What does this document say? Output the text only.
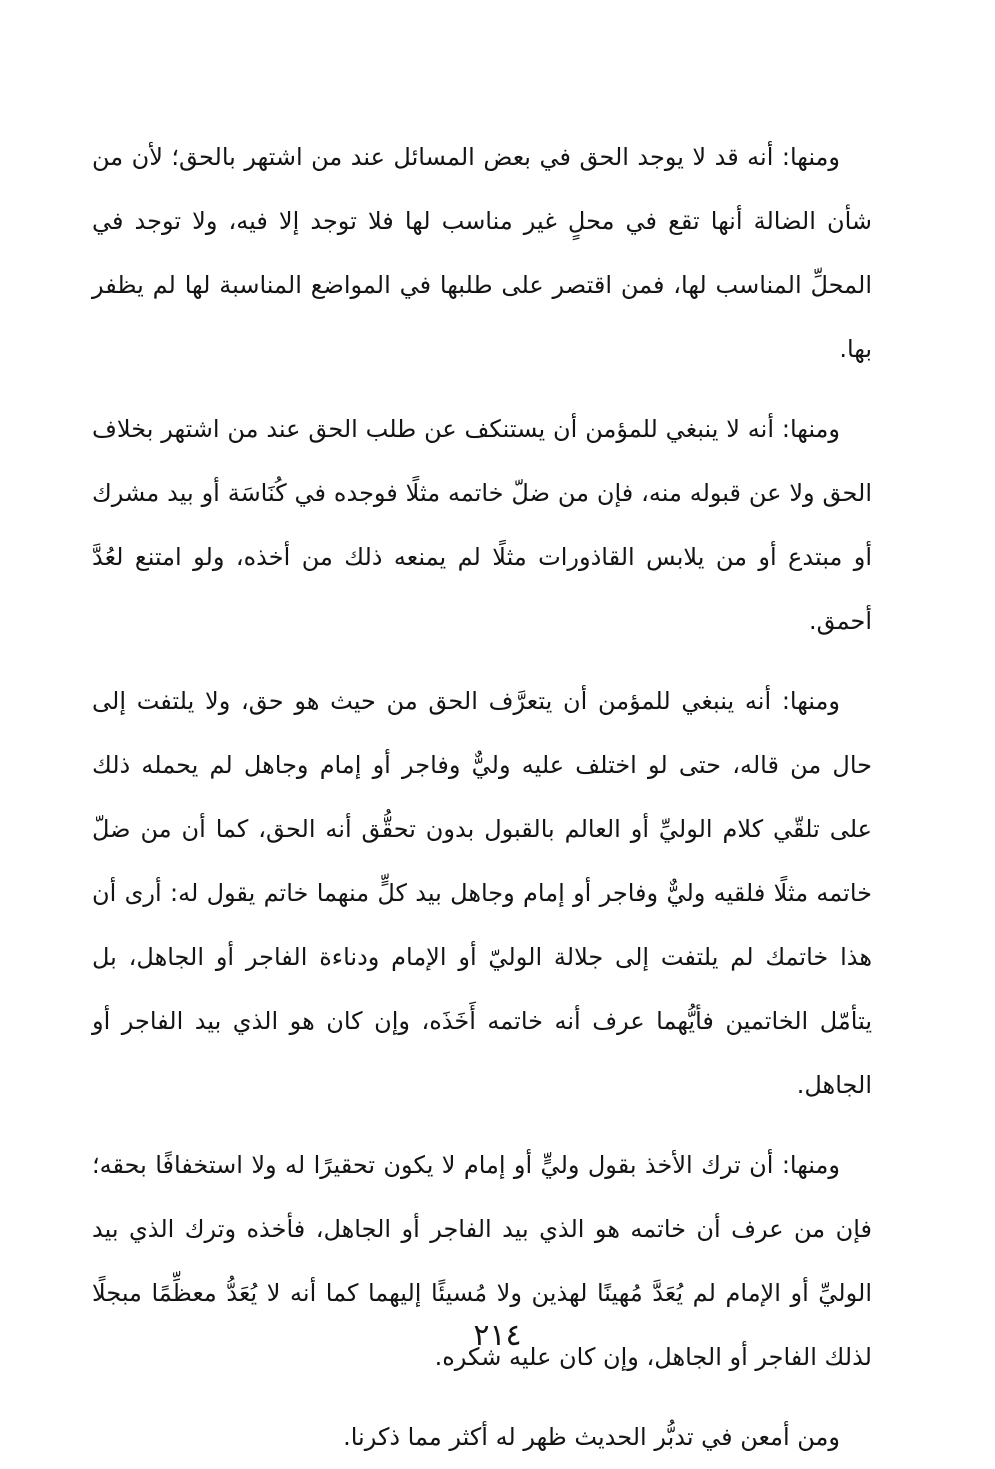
ومنها: أنه قد لا يوجد الحق في بعض المسائل عند من اشتهر بالحق؛ لأن من شأن الضالة أنها تقع في محلٍ غير مناسب لها فلا توجد إلا فيه، ولا توجد في المحلِّ المناسب لها، فمن اقتصر على طلبها في المواضع المناسبة لها لم يظفر بها.

ومنها: أنه لا ينبغي للمؤمن أن يستنكف عن طلب الحق عند من اشتهر بخلاف الحق ولا عن قبوله منه، فإن من ضلّ خاتمه مثلًا فوجده في كُنَاسَة أو بيد مشرك أو مبتدع أو من يلابس القاذورات مثلًا لم يمنعه ذلك من أخذه، ولو امتنع لعُدَّ أحمق.

ومنها: أنه ينبغي للمؤمن أن يتعرَّف الحق من حيث هو حق، ولا يلتفت إلى حال من قاله، حتى لو اختلف عليه وليٌّ وفاجر أو إمام وجاهل لم يحمله ذلك على تلقّي كلام الوليِّ أو العالم بالقبول بدون تحقُّق أنه الحق، كما أن من ضلّ خاتمه مثلًا فلقيه وليٌّ وفاجر أو إمام وجاهل بيد كلٍّ منهما خاتم يقول له: أرى أن هذا خاتمك لم يلتفت إلى جلالة الوليّ أو الإمام ودناءة الفاجر أو الجاهل، بل يتأمّل الخاتمين فأيُّهما عرف أنه خاتمه أَخَذَه، وإن كان هو الذي بيد الفاجر أو الجاهل.

ومنها: أن ترك الأخذ بقول وليٍّ أو إمام لا يكون تحقيرًا له ولا استخفافًا بحقه؛ فإن من عرف أن خاتمه هو الذي بيد الفاجر أو الجاهل، فأخذه وترك الذي بيد الوليِّ أو الإمام لم يُعَدَّ مُهينًا لهذين ولا مُسيئًا إليهما كما أنه لا يُعَدُّ معظِّمًا مبجلًا لذلك الفاجر أو الجاهل، وإن كان عليه شكره.

ومن أمعن في تدبُّر الحديث ظهر له أكثر مما ذكرنا.

٢١٤
